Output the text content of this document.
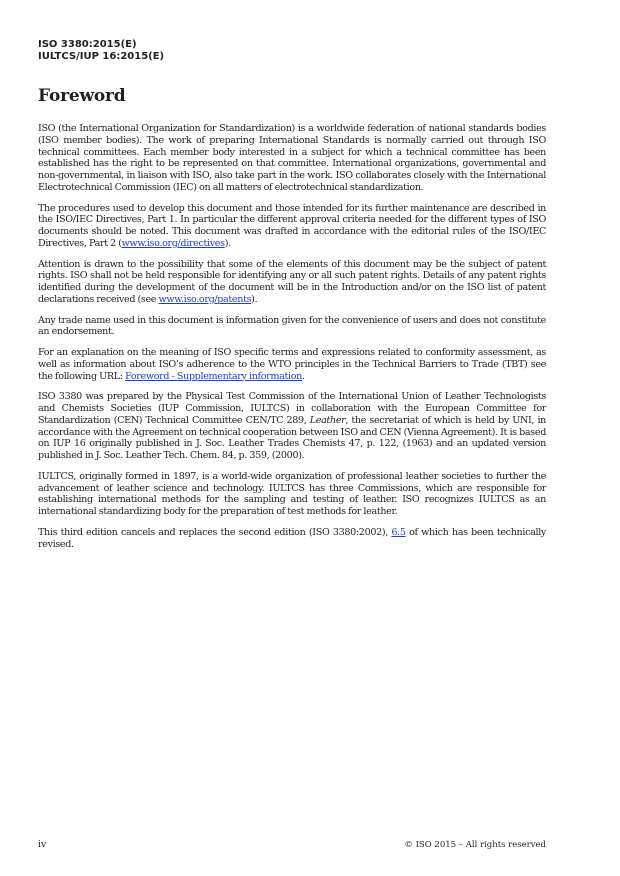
ISO 3380:2015(E)
IULTCS/IUP 16:2015(E)
Foreword

ISO (the International Organization for Standardization) is a worldwide federation of national standards bodies (ISO member bodies). The work of preparing International Standards is normally carried out through ISO technical committees. Each member body interested in a subject for which a technical committee has been established has the right to be represented on that committee. International organizations, governmental and non-governmental, in liaison with ISO, also take part in the work. ISO collaborates closely with the International Electrotechnical Commission (IEC) on all matters of electrotechnical standardization.

The procedures used to develop this document and those intended for its further maintenance are described in the ISO/IEC Directives, Part 1. In particular the different approval criteria needed for the different types of ISO documents should be noted. This document was drafted in accordance with the editorial rules of the ISO/IEC Directives, Part 2 (www.iso.org/directives).

Attention is drawn to the possibility that some of the elements of this document may be the subject of patent rights. ISO shall not be held responsible for identifying any or all such patent rights. Details of any patent rights identified during the development of the document will be in the Introduction and/or on the ISO list of patent declarations received (see www.iso.org/patents).

Any trade name used in this document is information given for the convenience of users and does not constitute an endorsement.

For an explanation on the meaning of ISO specific terms and expressions related to conformity assessment, as well as information about ISO’s adherence to the WTO principles in the Technical Barriers to Trade (TBT) see the following URL: Foreword - Supplementary information.

ISO 3380 was prepared by the Physical Test Commission of the International Union of Leather Technologists and Chemists Societies (IUP Commission, IULTCS) in collaboration with the European Committee for Standardization (CEN) Technical Committee CEN/TC 289, Leather, the secretariat of which is held by UNI, in accordance with the Agreement on technical cooperation between ISO and CEN (Vienna Agreement). It is based on IUP 16 originally published in J. Soc. Leather Trades Chemists 47, p. 122, (1963) and an updated version published in J. Soc. Leather Tech. Chem. 84, p. 359, (2000).

IULTCS, originally formed in 1897, is a world-wide organization of professional leather societies to further the advancement of leather science and technology. IULTCS has three Commissions, which are responsible for establishing international methods for the sampling and testing of leather. ISO recognizes IULTCS as an international standardizing body for the preparation of test methods for leather.

This third edition cancels and replaces the second edition (ISO 3380:2002), 6.5 of which has been technically revised.

iv	© ISO 2015 – All rights reserved
